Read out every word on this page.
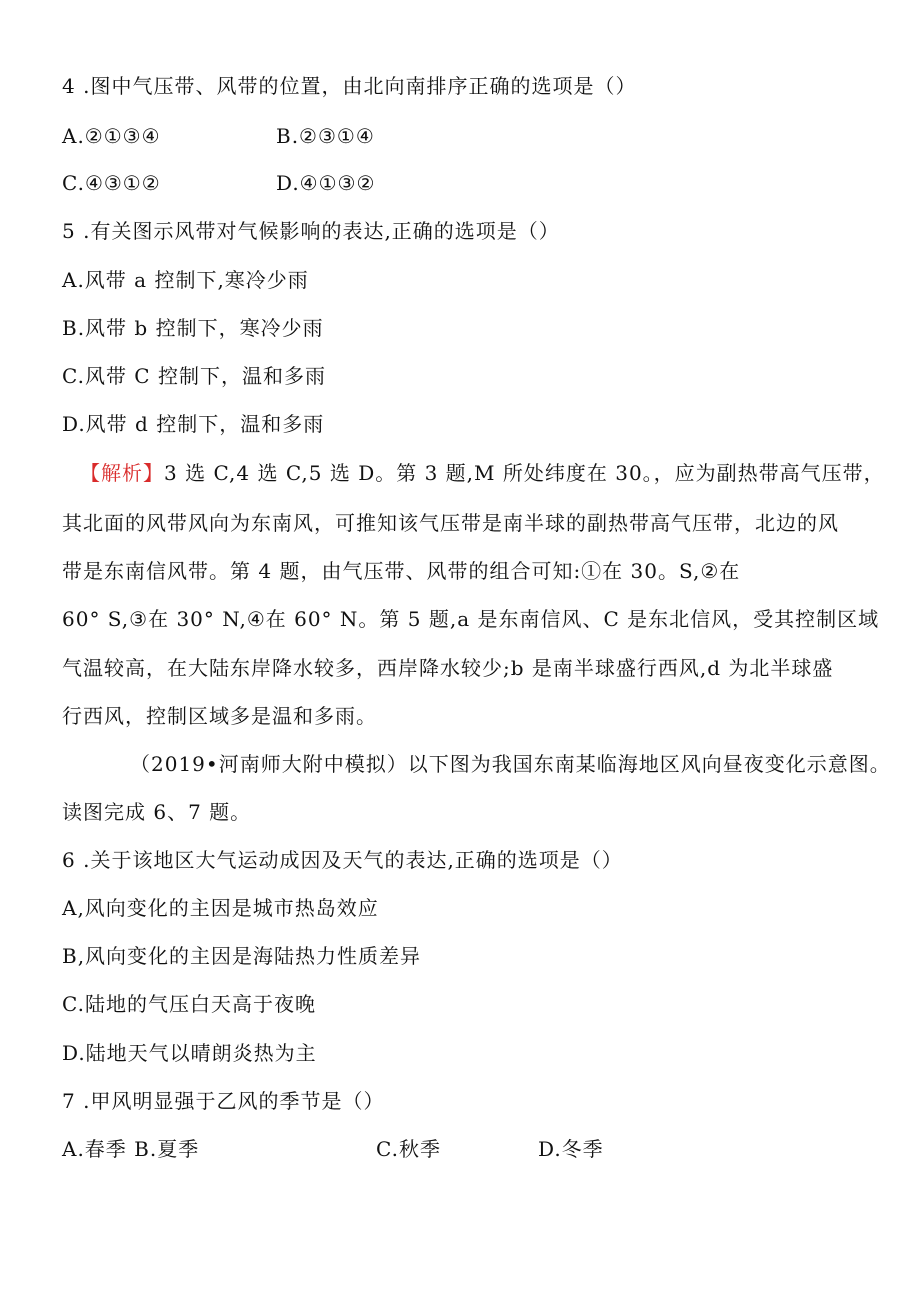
4 .图中气压带、风带的位置，由北向南排序正确的选项是（）
A.②①③④	B.②③①④
C.④③①②	D.④①③②
5 .有关图示风带对气候影响的表达,正确的选项是（）
A.风带 a 控制下,寒冷少雨
B.风带 b 控制下，寒冷少雨
C.风带 C 控制下，温和多雨
D.风带 d 控制下，温和多雨
【解析】3 选 C,4 选 C,5 选 D。第 3 题,M 所处纬度在 30。，应为副热带高气压带，
其北面的风带风向为东南风，可推知该气压带是南半球的副热带高气压带，北边的风
带是东南信风带。第 4 题，由气压带、风带的组合可知:①在 30。S,②在
60° S,③在 30° N,④在 60° N。第 5 题,a 是东南信风、C 是东北信风，受其控制区域
气温较高，在大陆东岸降水较多，西岸降水较少;b 是南半球盛行西风,d 为北半球盛
行西风，控制区域多是温和多雨。
（2019•河南师大附中模拟）以下图为我国东南某临海地区风向昼夜变化示意图。
读图完成 6、7 题。
6 .关于该地区大气运动成因及天气的表达,正确的选项是（）
A,风向变化的主因是城市热岛效应
B,风向变化的主因是海陆热力性质差异
C.陆地的气压白天高于夜晚
D.陆地天气以晴朗炎热为主
7 .甲风明显强于乙风的季节是（）
A.春季 B.夏季	C.秋季	D.冬季
